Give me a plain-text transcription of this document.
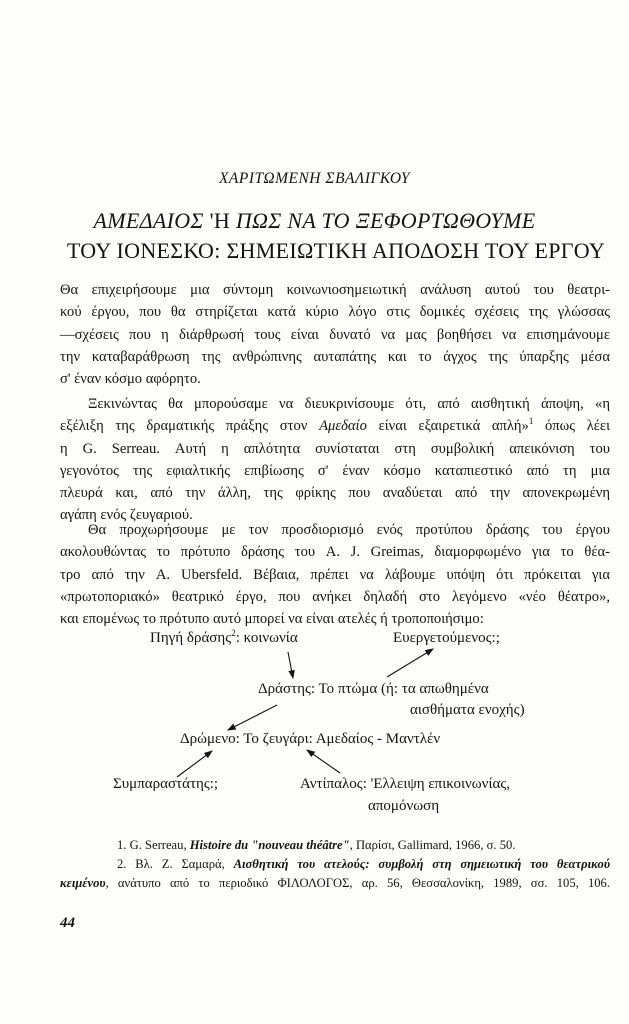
ΧΑΡΙΤΩΜΕΝΗ ΣΒΑΛΙΓΚΟΥ
ΑΜΕΔΑΙΟΣ 'Η ΠΩΣ ΝΑ ΤΟ ΞΕΦΟΡΤΩΘΟΥΜΕ
ΤΟΥ ΙΟΝΕΣΚΟ: ΣΗΜΕΙΩΤΙΚΗ ΑΠΟΔΟΣΗ ΤΟΥ ΕΡΓΟΥ
Θα επιχειρήσουμε μια σύντομη κοινωνιοσημειωτική ανάλυση αυτού του θεατρι-
κού έργου, που θα στηρίζεται κατά κύριο λόγο στις δομικές σχέσεις της γλώσσας
—σχέσεις που η διάρθρωσή τους είναι δυνατό να μας βοηθήσει να επισημάνουμε
την καταβαράθρωση της ανθρώπινης αυταπάτης και το άγχος της ύπαρξης μέσα
σ' έναν κόσμο αφόρητο.
Ξεκινώντας θα μπορούσαμε να διευκρινίσουμε ότι, από αισθητική άποψη, «η
εξέλιξη της δραματικής πράξης στον Αμεδαίο είναι εξαιρετικά απλή»$^1$ όπως λέει
η G. Serreau. Αυτή η απλότητα συνίσταται στη συμβολική απεικόνιση του
γεγονότος της εφιαλτικής επιβίωσης σ' έναν κόσμο καταπιεστικό από τη μια
πλευρά και, από την άλλη, της φρίκης που αναδύεται από την απονεκρωμένη
αγάπη ενός ζευγαριού.
Θα προχωρήσουμε με τον προσδιορισμό ενός προτύπου δράσης του έργου
ακολουθώντας το πρότυπο δράσης του A. J. Greimas, διαμορφωμένο για το θέα-
τρο από την A. Ubersfeld. Βέβαια, πρέπει να λάβουμε υπόψη ότι πρόκειται για
«πρωτοποριακό» θεατρικό έργο, που ανήκει δηλαδή στο λεγόμενο «νέο θέατρο»,
και επομένως το πρότυπο αυτό μπορεί να είναι ατελές ή τροποποιήσιμο:
Πηγή δράσης$^2$: κοινωνία	Ευεργετούμενος:;
Δράστης: Το πτώμα (ή: τα απωθημένα
αισθήματα ενοχής)
Δρώμενο: Το ζευγάρι: Αμεδαίος - Μαντλέν
Συμπαραστάτης:;	Αντίπαλος: 'Ελλειψη επικοινωνίας,
απομόνωση
1. G. Serreau, Histoire du "nouveau théâtre", Παρίσι, Gallimard, 1966, σ. 50.
2. Βλ. Ζ. Σαμαρά, Αισθητική του ατελούς: συμβολή στη σημειωτική του θεατρικού
κειμένου, ανάτυπο από το περιοδικό ΦΙΛΟΛΟΓΟΣ, αρ. 56, Θεσσαλονίκη, 1989, σσ. 105, 106.
44
